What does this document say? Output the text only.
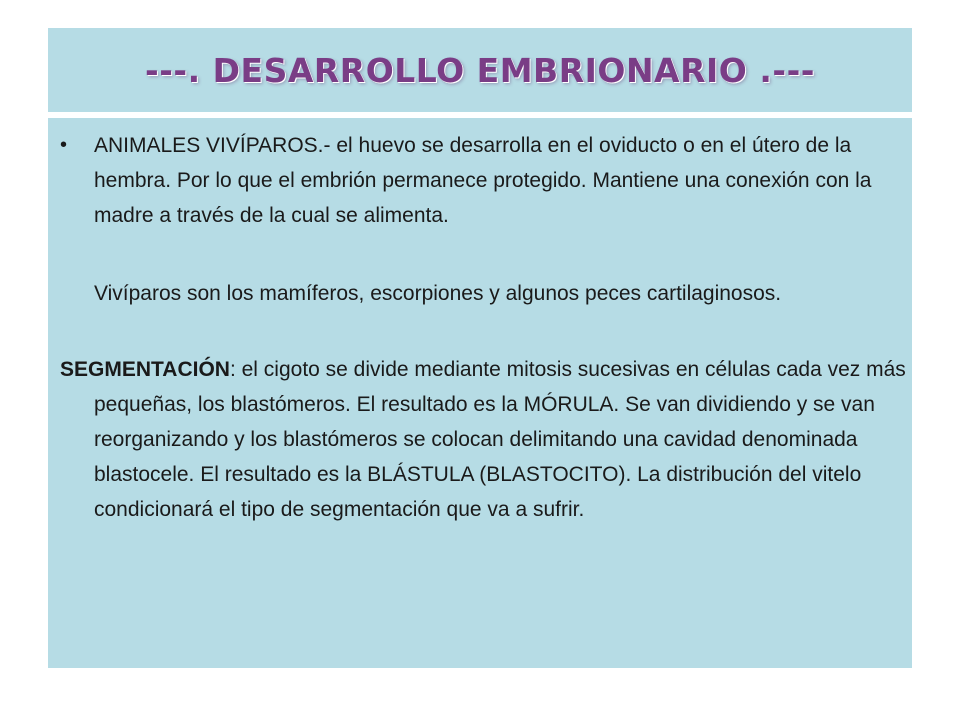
---. DESARROLLO EMBRIONARIO .---

• ANIMALES VIVÍPAROS.- el huevo se desarrolla en el oviducto o en el útero de la hembra. Por lo que el embrión permanece protegido. Mantiene una conexión con la madre a través de la cual se alimenta.

Vivíparos son los mamíferos, escorpiones y algunos peces cartilaginosos.

SEGMENTACIÓN: el cigoto se divide mediante mitosis sucesivas en células cada vez más pequeñas, los blastómeros. El resultado es la MÓRULA. Se van dividiendo y se van reorganizando y los blastómeros se colocan delimitando una cavidad denominada blastocele. El resultado es la BLÁSTULA (BLASTOCITO). La distribución del vitelo condicionará el tipo de segmentación que va a sufrir.
